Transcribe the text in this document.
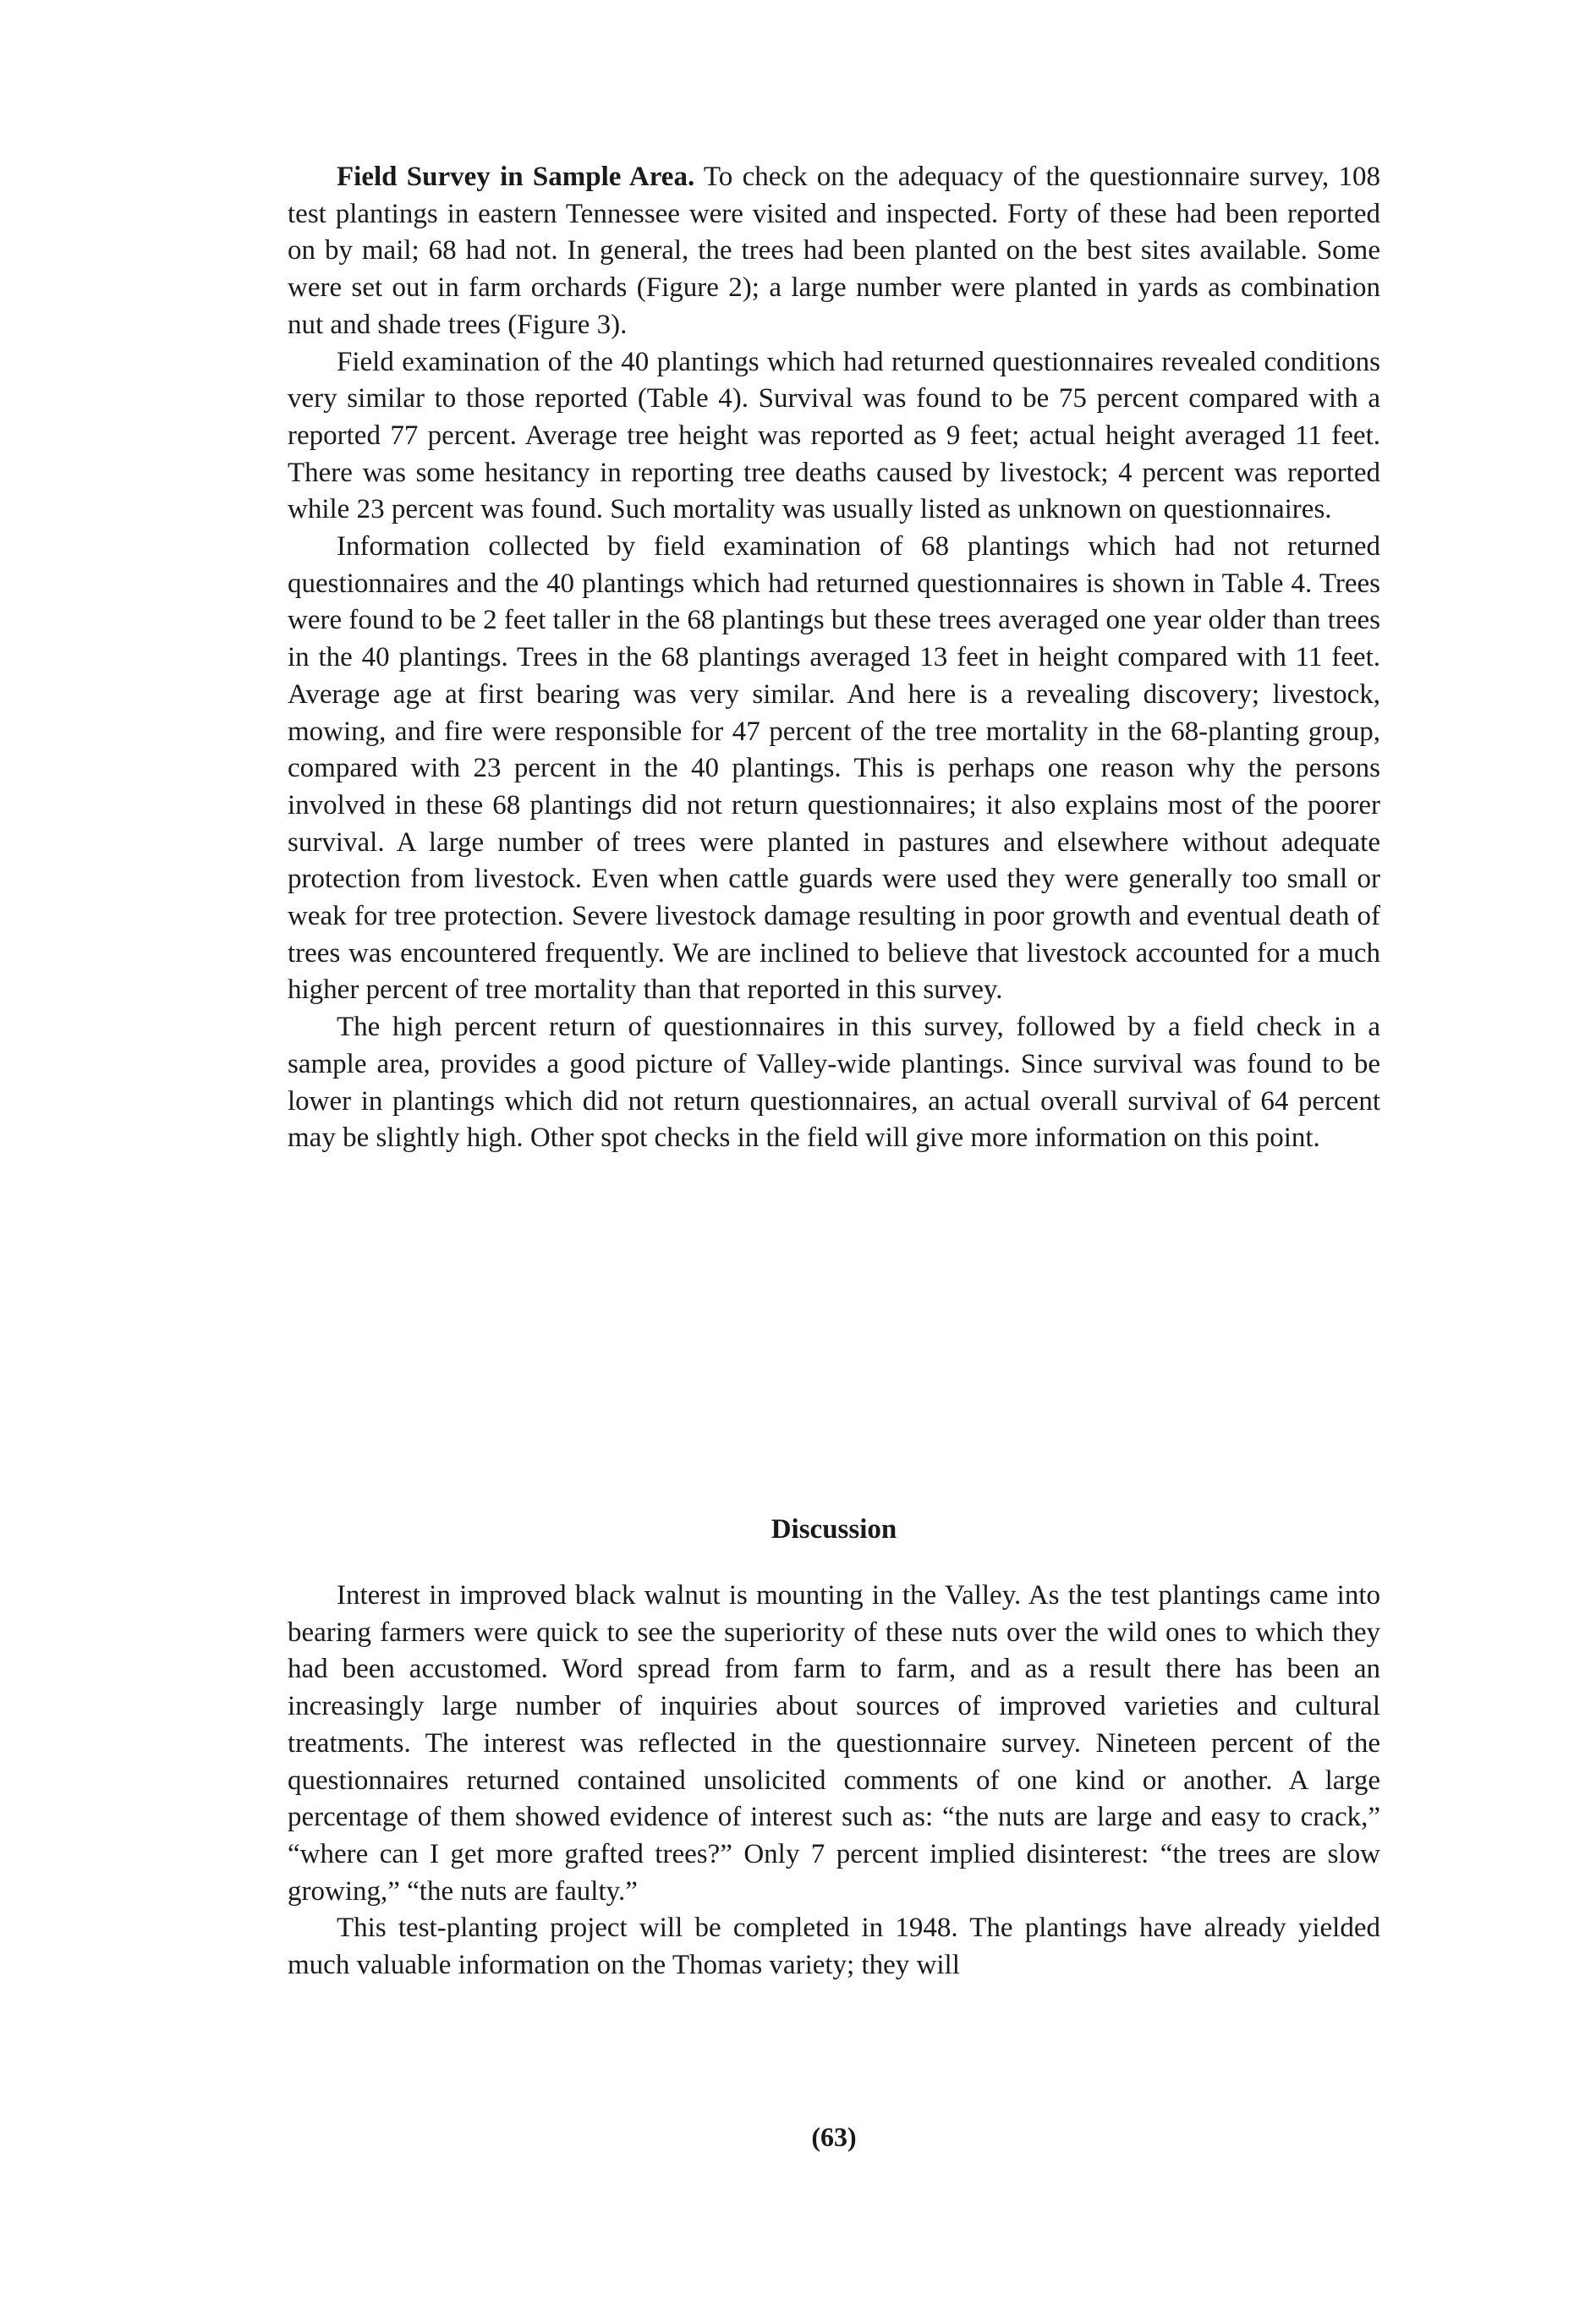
Field Survey in Sample Area. To check on the adequacy of the questionnaire survey, 108 test plantings in eastern Tennessee were visited and inspected. Forty of these had been reported on by mail; 68 had not. In general, the trees had been planted on the best sites available. Some were set out in farm orchards (Figure 2); a large number were planted in yards as combination nut and shade trees (Figure 3).

Field examination of the 40 plantings which had returned questionnaires revealed conditions very similar to those reported (Table 4). Survival was found to be 75 percent compared with a reported 77 percent. Average tree height was reported as 9 feet; actual height averaged 11 feet. There was some hesitancy in reporting tree deaths caused by livestock; 4 percent was reported while 23 percent was found. Such mortality was usually listed as unknown on questionnaires.

Information collected by field examination of 68 plantings which had not returned questionnaires and the 40 plantings which had returned questionnaires is shown in Table 4. Trees were found to be 2 feet taller in the 68 plantings but these trees averaged one year older than trees in the 40 plantings. Trees in the 68 plantings averaged 13 feet in height compared with 11 feet. Average age at first bearing was very similar. And here is a revealing discovery; livestock, mowing, and fire were responsible for 47 percent of the tree mortality in the 68-planting group, compared with 23 percent in the 40 plantings. This is perhaps one reason why the persons involved in these 68 plantings did not return questionnaires; it also explains most of the poorer survival. A large number of trees were planted in pastures and elsewhere without adequate protection from livestock. Even when cattle guards were used they were generally too small or weak for tree protection. Severe livestock damage resulting in poor growth and eventual death of trees was encountered frequently. We are inclined to believe that livestock accounted for a much higher percent of tree mortality than that reported in this survey.

The high percent return of questionnaires in this survey, followed by a field check in a sample area, provides a good picture of Valley-wide plantings. Since survival was found to be lower in plantings which did not return questionnaires, an actual overall survival of 64 percent may be slightly high. Other spot checks in the field will give more information on this point.

Discussion

Interest in improved black walnut is mounting in the Valley. As the test plantings came into bearing farmers were quick to see the superiority of these nuts over the wild ones to which they had been accustomed. Word spread from farm to farm, and as a result there has been an increasingly large number of inquiries about sources of improved varieties and cultural treatments. The interest was reflected in the questionnaire survey. Nineteen percent of the questionnaires returned contained unsolicited comments of one kind or another. A large percentage of them showed evidence of interest such as: “the nuts are large and easy to crack,” “where can I get more grafted trees?” Only 7 percent implied disinterest: “the trees are slow growing,” “the nuts are faulty.”

This test-planting project will be completed in 1948. The plantings have already yielded much valuable information on the Thomas variety; they will

(63)
